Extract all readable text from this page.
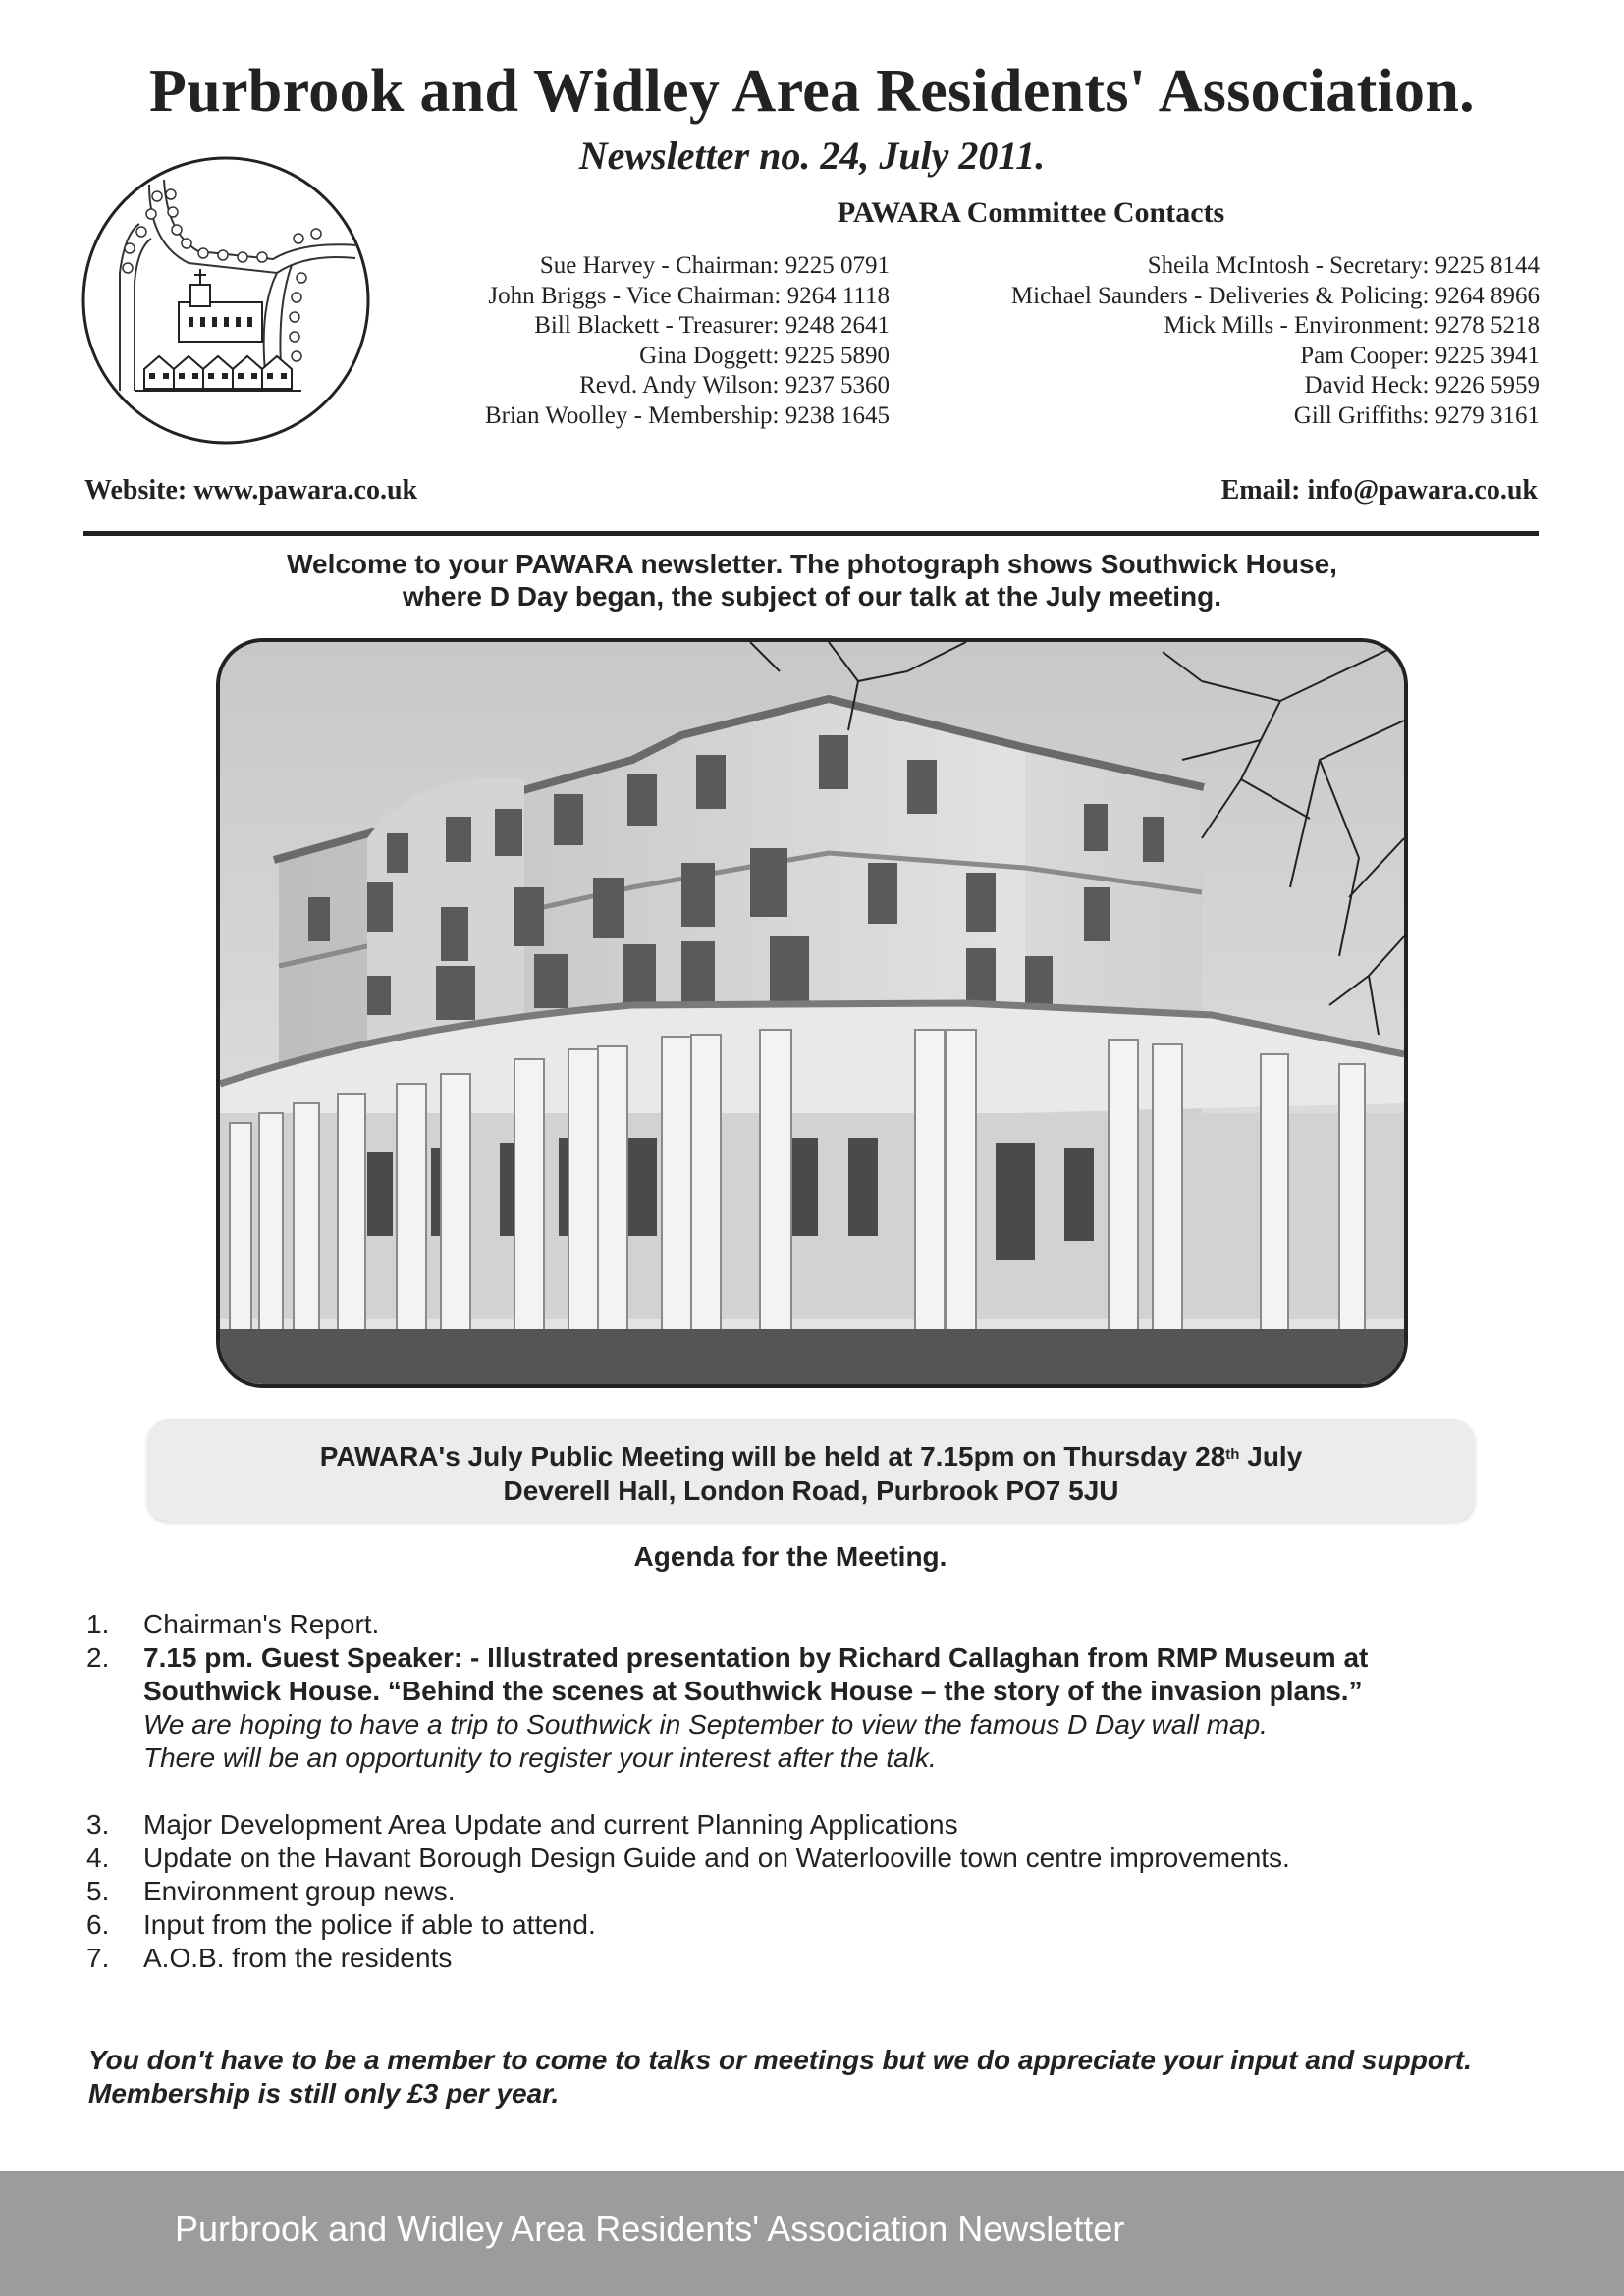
Purbrook and Widley Area Residents' Association.
Newsletter no. 24, July 2011.
PAWARA Committee Contacts
Sue Harvey - Chairman: 9225 0791
John Briggs - Vice Chairman: 9264 1118
Bill Blackett - Treasurer: 9248 2641
Gina Doggett: 9225 5890
Revd. Andy Wilson: 9237 5360
Brian Woolley - Membership: 9238 1645
Sheila McIntosh - Secretary: 9225 8144
Michael Saunders - Deliveries & Policing: 9264 8966
Mick Mills - Environment: 9278 5218
Pam Cooper: 9225 3941
David Heck: 9226 5959
Gill Griffiths: 9279 3161
Website: www.pawara.co.uk	Email: info@pawara.co.uk
Welcome to your PAWARA newsletter. The photograph shows Southwick House,
where D Day began, the subject of our talk at the July meeting.
PAWARA's July Public Meeting will be held at 7.15pm on Thursday 28th July
Deverell Hall, London Road, Purbrook PO7 5JU
Agenda for the Meeting.
1. Chairman's Report.
2. 7.15 pm. Guest Speaker: - Illustrated presentation by Richard Callaghan from RMP Museum at Southwick House. “Behind the scenes at Southwick House – the story of the invasion plans.”
We are hoping to have a trip to Southwick in September to view the famous D Day wall map.
There will be an opportunity to register your interest after the talk.
3. Major Development Area Update and current Planning Applications
4. Update on the Havant Borough Design Guide and on Waterlooville town centre improvements.
5. Environment group news.
6. Input from the police if able to attend.
7. A.O.B. from the residents
You don't have to be a member to come to talks or meetings but we do appreciate your input and support. Membership is still only £3 per year.
Purbrook and Widley Area Residents' Association Newsletter
